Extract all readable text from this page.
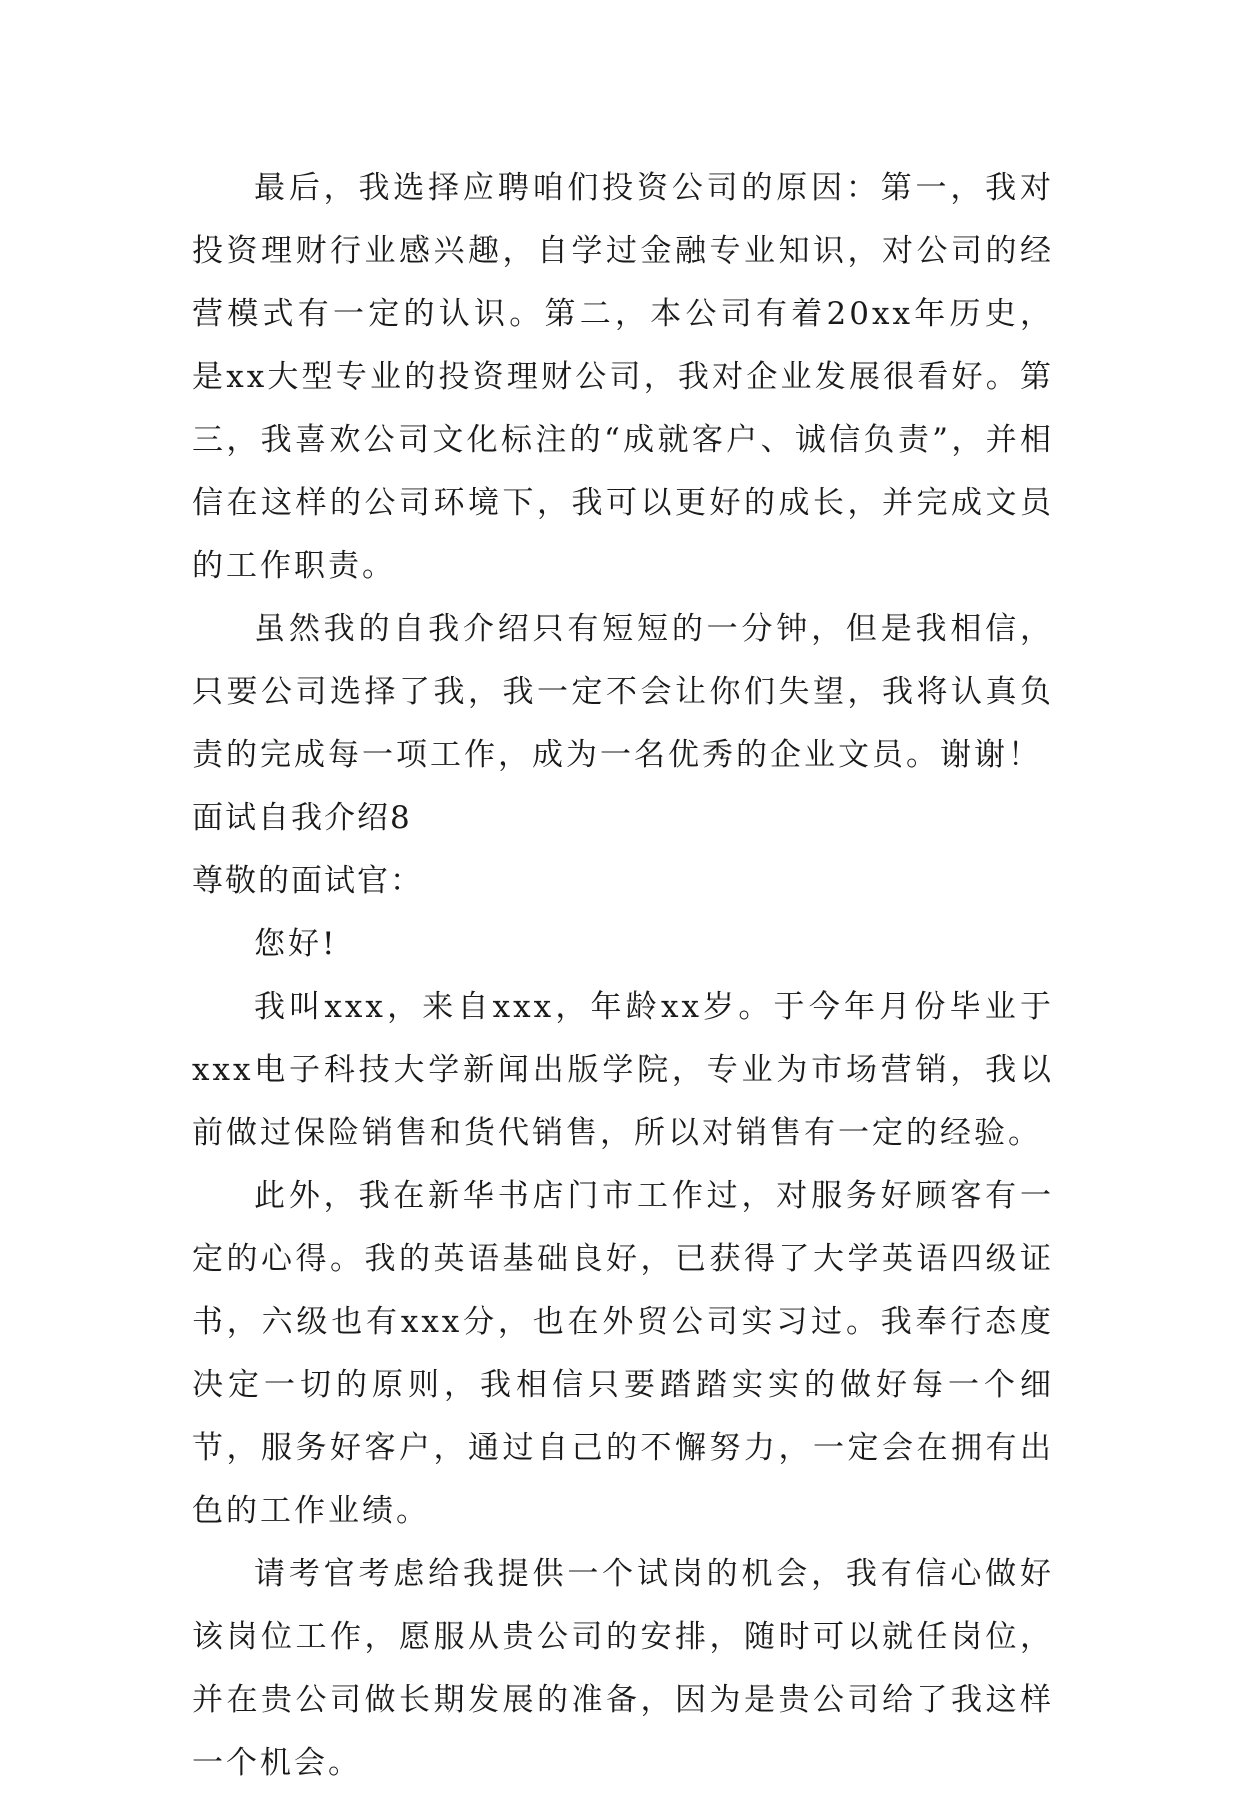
最后，我选择应聘咱们投资公司的原因：第一，我对投资理财行业感兴趣，自学过金融专业知识，对公司的经营模式有一定的认识。第二，本公司有着20xx年历史，是xx大型专业的投资理财公司，我对企业发展很看好。第三，我喜欢公司文化标注的“成就客户、诚信负责”，并相信在这样的公司环境下，我可以更好的成长，并完成文员的工作职责。

虽然我的自我介绍只有短短的一分钟，但是我相信，只要公司选择了我，我一定不会让你们失望，我将认真负责的完成每一项工作，成为一名优秀的企业文员。谢谢！

面试自我介绍8

尊敬的面试官：

您好!

我叫xxx，来自xxx，年龄xx岁。于今年月份毕业于xxx电子科技大学新闻出版学院，专业为市场营销，我以前做过保险销售和货代销售，所以对销售有一定的经验。

此外，我在新华书店门市工作过，对服务好顾客有一定的心得。我的英语基础良好，已获得了大学英语四级证书，六级也有xxx分，也在外贸公司实习过。我奉行态度决定一切的原则，我相信只要踏踏实实的做好每一个细节，服务好客户，通过自己的不懈努力，一定会在拥有出色的工作业绩。

请考官考虑给我提供一个试岗的机会，我有信心做好该岗位工作，愿服从贵公司的安排，随时可以就任岗位，并在贵公司做长期发展的准备，因为是贵公司给了我这样一个机会。
